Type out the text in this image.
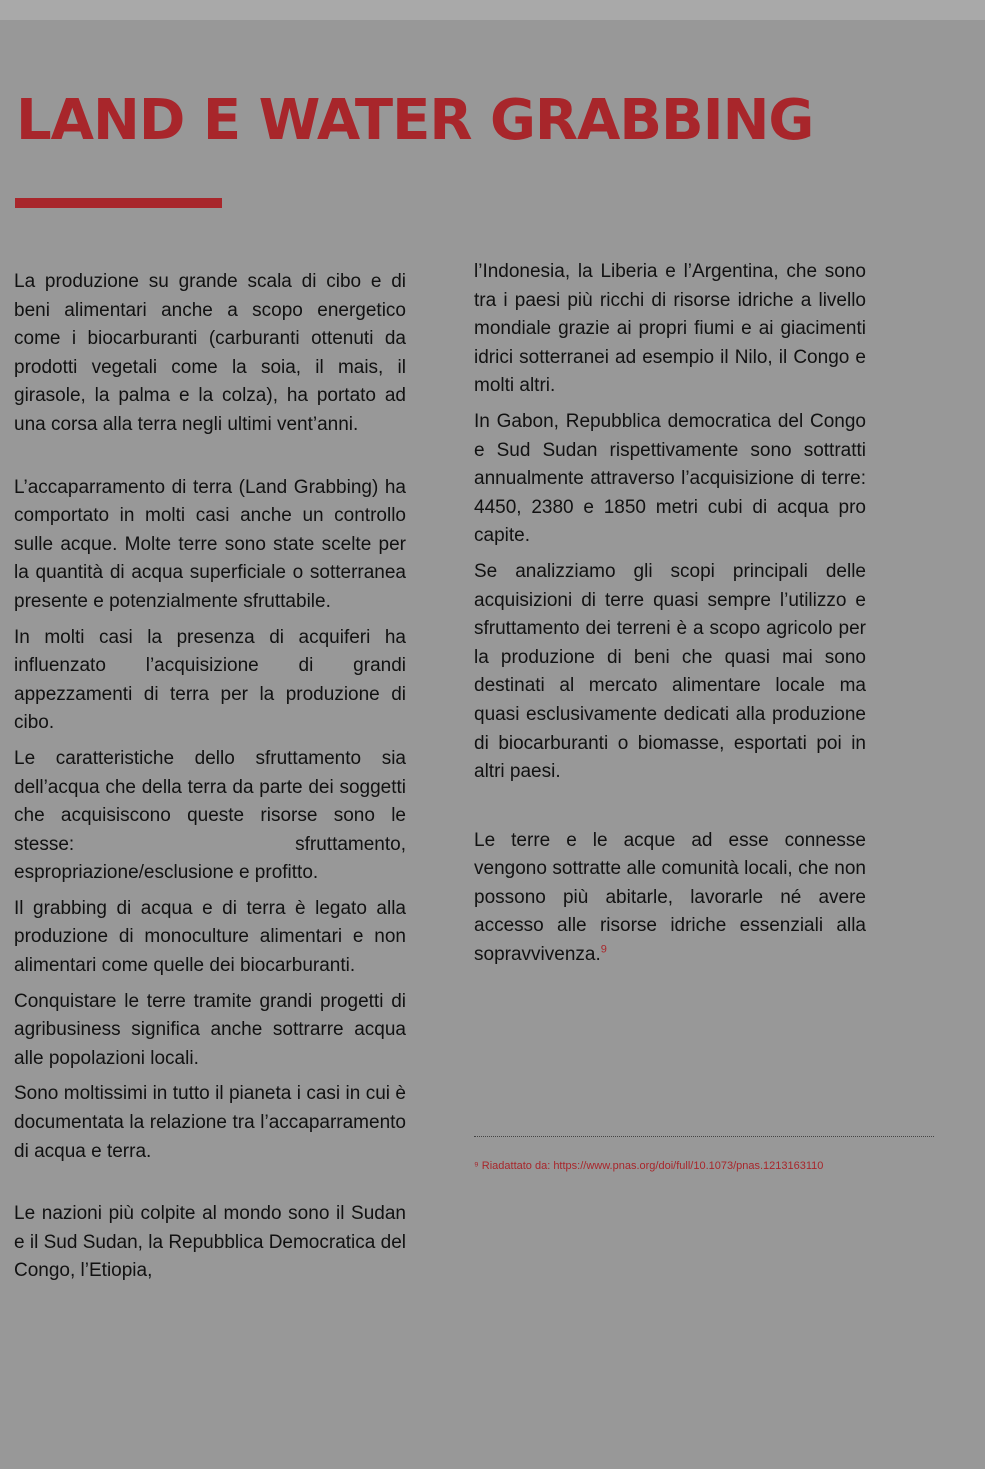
LAND E WATER GRABBING

La produzione su grande scala di cibo e di beni alimentari anche a scopo energetico come i biocarburanti (carburanti ottenuti da prodotti vegetali come la soia, il mais, il girasole, la palma e la colza), ha portato ad una corsa alla terra negli ultimi vent’anni.

L’accaparramento di terra (Land Grabbing) ha comportato in molti casi anche un controllo sulle acque. Molte terre sono state scelte per la quantità di acqua superficiale o sotterranea presente e potenzialmente sfruttabile.

In molti casi la presenza di acquiferi ha influenzato l’acquisizione di grandi appezzamenti di terra per la produzione di cibo.

Le caratteristiche dello sfruttamento sia dell’acqua che della terra da parte dei soggetti che acquisiscono queste risorse sono le stesse: sfruttamento, espropriazione/esclusione e profitto.

Il grabbing di acqua e di terra è legato alla produzione di monoculture alimentari e non alimentari come quelle dei biocarburanti.

Conquistare le terre tramite grandi progetti di agribusiness significa anche sottrarre acqua alle popolazioni locali.

Sono moltissimi in tutto il pianeta i casi in cui è documentata la relazione tra l’accaparramento di acqua e terra.

Le nazioni più colpite al mondo sono il Sudan e il Sud Sudan, la Repubblica Democratica del Congo, l’Etiopia,

l’Indonesia, la Liberia e l’Argentina, che sono tra i paesi più ricchi di risorse idriche a livello mondiale grazie ai propri fiumi e ai giacimenti idrici sotterranei ad esempio il Nilo, il Congo e molti altri.

In Gabon, Repubblica democratica del Congo e Sud Sudan rispettivamente sono sottratti annualmente attraverso l’acquisizione di terre: 4450, 2380 e 1850 metri cubi di acqua pro capite.

Se analizziamo gli scopi principali delle acquisizioni di terre quasi sempre l’utilizzo e sfruttamento dei terreni è a scopo agricolo per la produzione di beni che quasi mai sono destinati al mercato alimentare locale ma quasi esclusivamente dedicati alla produzione di biocarburanti o biomasse, esportati poi in altri paesi.

Le terre e le acque ad esse connesse vengono sottratte alle comunità locali, che non possono più abitarle, lavorarle né avere accesso alle risorse idriche essenziali alla sopravvivenza.$^9$

⁹ Riadattato da: https://www.pnas.org/doi/full/10.1073/pnas.1213163110
